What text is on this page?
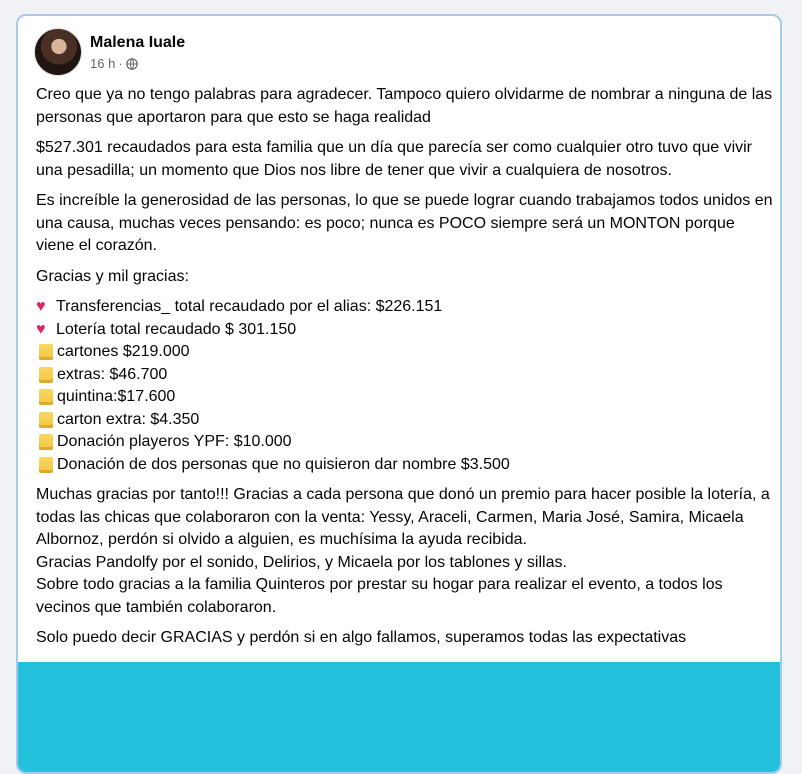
Malena Iuale
16 h ·
Creo que ya no tengo palabras para agradecer. Tampoco quiero olvidarme de nombrar a ninguna de las personas que aportaron para que esto se haga realidad
$527.301 recaudados para esta familia que un día que parecía ser como cualquier otro tuvo que vivir una pesadilla; un momento que Dios nos libre de tener que vivir a cualquiera de nosotros.
Es increíble la generosidad de las personas, lo que se puede lograr cuando trabajamos todos unidos en una causa, muchas veces pensando: es poco; nunca es POCO siempre será un MONTON porque viene el corazón.
Gracias y mil gracias:
♥ Transferencias_ total recaudado por el alias: $226.151
♥ Lotería total recaudado $ 301.150
cartones $219.000
extras: $46.700
quintina:$17.600
carton extra: $4.350
Donación playeros YPF: $10.000
Donación de dos personas que no quisieron dar nombre $3.500
Muchas gracias por tanto!!! Gracias a cada persona que donó un premio para hacer posible la lotería, a todas las chicas que colaboraron con la venta: Yessy, Araceli, Carmen, Maria José, Samira, Micaela Albornoz, perdón si olvido a alguien, es muchísima la ayuda recibida.
Gracias Pandolfy por el sonido, Delirios, y Micaela por los tablones y sillas.
Sobre todo gracias a la familia Quinteros por prestar su hogar para realizar el evento, a todos los vecinos que también colaboraron.
Solo puedo decir GRACIAS y perdón si en algo fallamos, superamos todas las expectativas
